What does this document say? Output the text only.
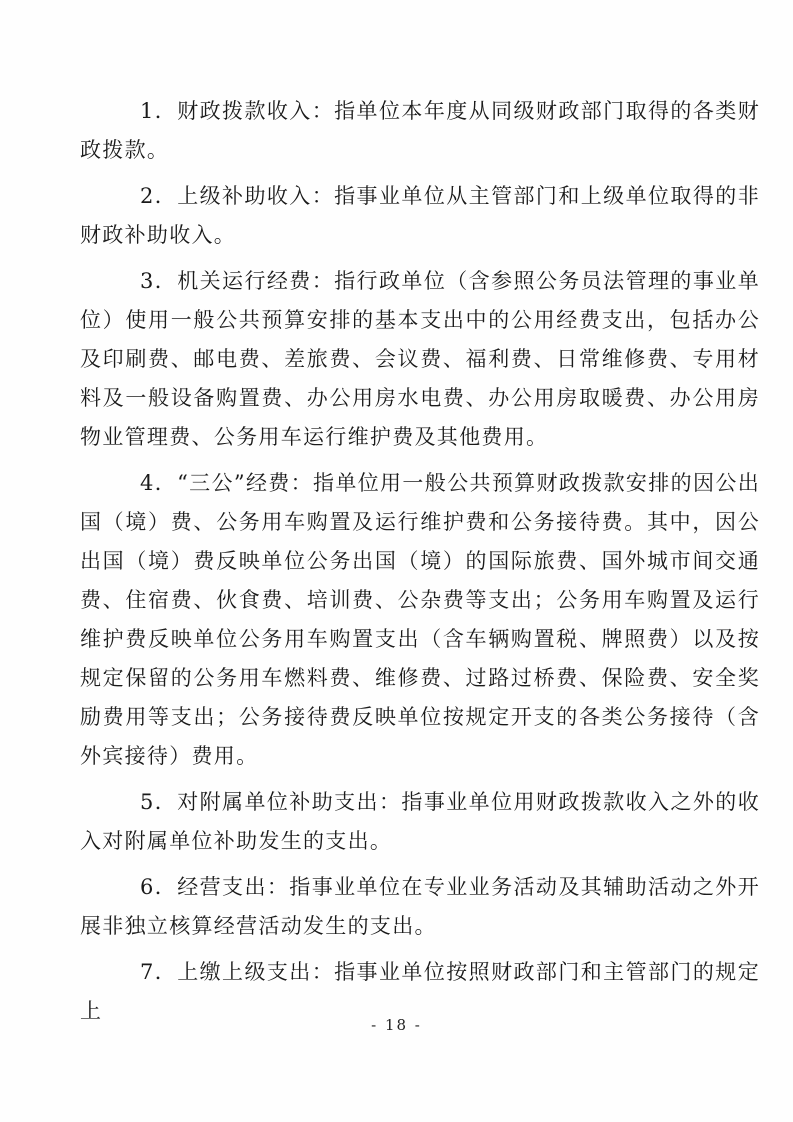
1．财政拨款收入：指单位本年度从同级财政部门取得的各类财政拨款。

2．上级补助收入：指事业单位从主管部门和上级单位取得的非财政补助收入。

3．机关运行经费：指行政单位（含参照公务员法管理的事业单位）使用一般公共预算安排的基本支出中的公用经费支出，包括办公及印刷费、邮电费、差旅费、会议费、福利费、日常维修费、专用材料及一般设备购置费、办公用房水电费、办公用房取暖费、办公用房物业管理费、公务用车运行维护费及其他费用。

4．“三公”经费：指单位用一般公共预算财政拨款安排的因公出国（境）费、公务用车购置及运行维护费和公务接待费。其中，因公出国（境）费反映单位公务出国（境）的国际旅费、国外城市间交通费、住宿费、伙食费、培训费、公杂费等支出；公务用车购置及运行维护费反映单位公务用车购置支出（含车辆购置税、牌照费）以及按规定保留的公务用车燃料费、维修费、过路过桥费、保险费、安全奖励费用等支出；公务接待费反映单位按规定开支的各类公务接待（含外宾接待）费用。

5．对附属单位补助支出：指事业单位用财政拨款收入之外的收入对附属单位补助发生的支出。

6．经营支出：指事业单位在专业业务活动及其辅助活动之外开展非独立核算经营活动发生的支出。

7．上缴上级支出：指事业单位按照财政部门和主管部门的规定上

- 18 -
